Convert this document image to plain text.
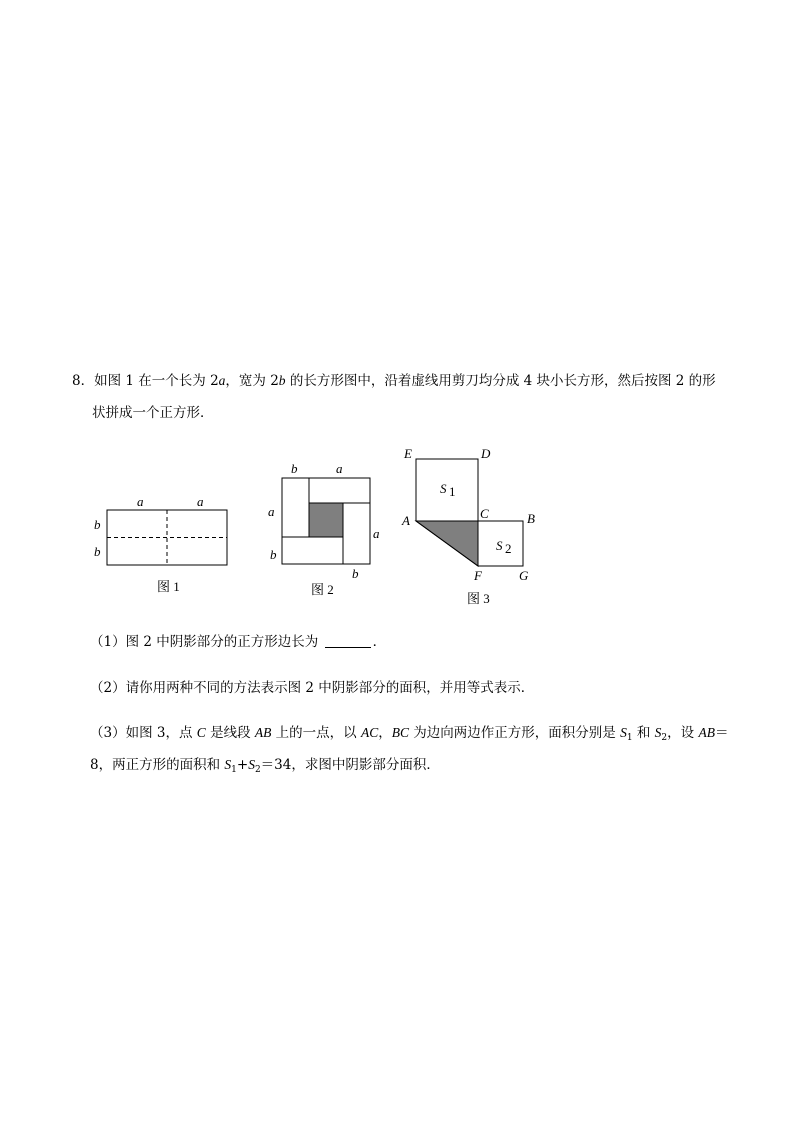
8．如图 1 在一个长为 2a，宽为 2b 的长方形图中，沿着虚线用剪刀均分成 4 块小长方形，然后按图 2 的形
状拼成一个正方形．
a	a
b
b
图 1
b	a
a
a
b
b
图 2
E	D
A	C	B
F	G
S 1
S 2
图 3
（1）图 2 中阴影部分的正方形边长为	．
（2）请你用两种不同的方法表示图 2 中阴影部分的面积，并用等式表示．
（3）如图 3，点 C 是线段 AB 上的一点，以 AC，BC 为边向两边作正方形，面积分别是 $S_1$ 和 $S_2$，设 AB＝
8，两正方形的面积和 $S_1+S_2=34$，求图中阴影部分面积．
